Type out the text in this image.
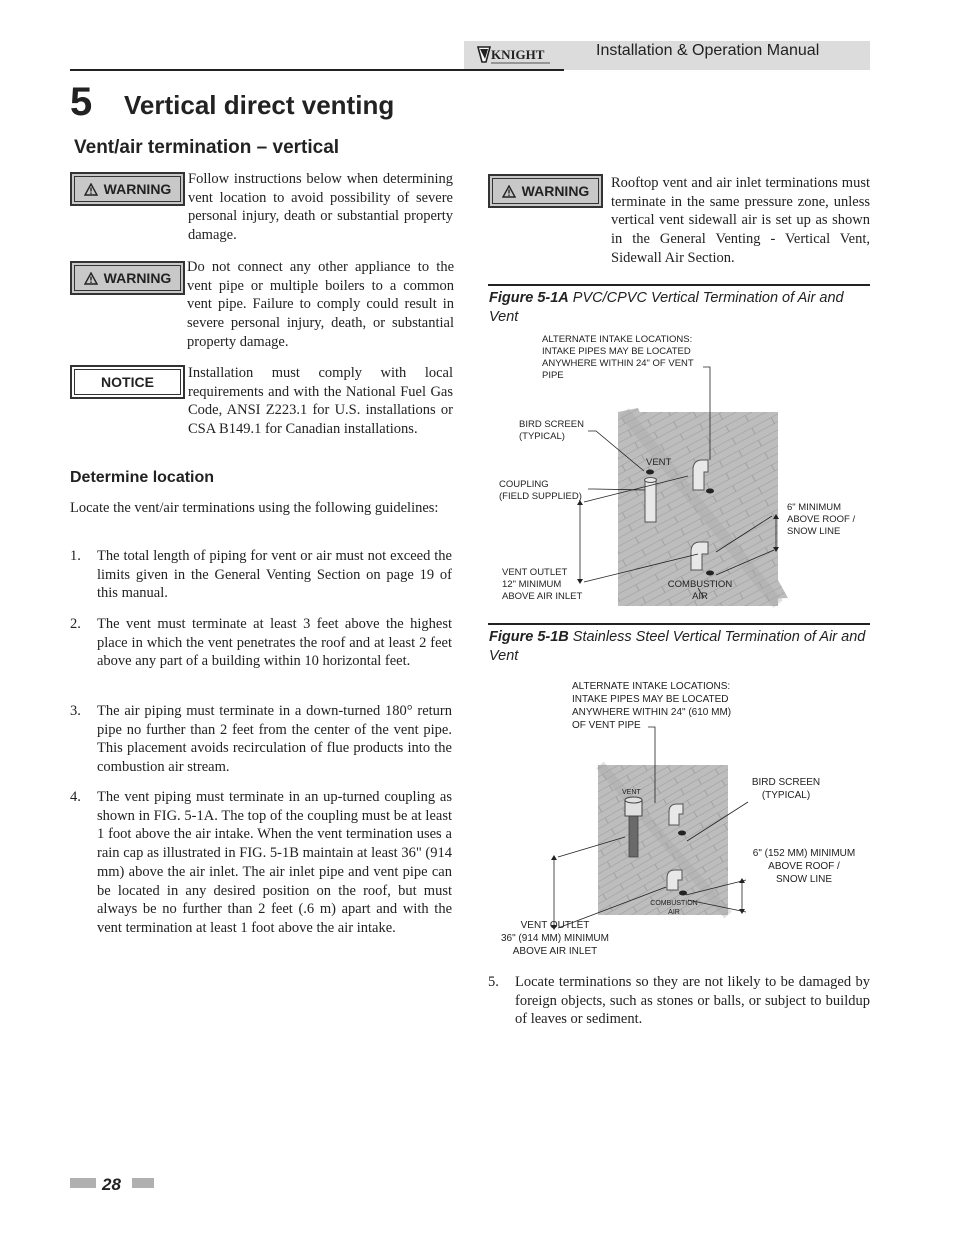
KNIGHT	Installation & Operation Manual
5 Vertical direct venting
Vent/air termination – vertical
WARNING
Follow instructions below when determining vent location to avoid possibility of severe personal injury, death or substantial property damage.
WARNING
Do not connect any other appliance to the vent pipe or multiple boilers to a common vent pipe. Failure to comply could result in severe personal injury, death, or substantial property damage.
NOTICE
Installation must comply with local requirements and with the National Fuel Gas Code, ANSI Z223.1 for U.S. installations or CSA B149.1 for Canadian installations.
Determine location
Locate the vent/air terminations using the following guidelines:
1. The total length of piping for vent or air must not exceed the limits given in the General Venting Section on page 19 of this manual.
2. The vent must terminate at least 3 feet above the highest place in which the vent penetrates the roof and at least 2 feet above any part of a building within 10 horizontal feet.
3. The air piping must terminate in a down-turned 180° return pipe no further than 2 feet from the center of the vent pipe. This placement avoids recirculation of flue products into the combustion air stream.
4. The vent piping must terminate in an up-turned coupling as shown in FIG. 5-1A. The top of the coupling must be at least 1 foot above the air intake. When the vent termination uses a rain cap as illustrated in FIG. 5-1B maintain at least 36" (914 mm) above the air inlet. The air inlet pipe and vent pipe can be located in any desired position on the roof, but must always be no further than 2 feet (.6 m) apart and with the vent termination at least 1 foot above the air intake.
WARNING Rooftop vent and air inlet terminations must terminate in the same pressure zone, unless vertical vent sidewall air is set up as shown in the General Venting - Vertical Vent, Sidewall Air Section.
Figure 5-1A PVC/CPVC Vertical Termination of Air and Vent
ALTERNATE INTAKE LOCATIONS:
INTAKE PIPES MAY BE LOCATED
ANYWHERE WITHIN 24" OF VENT
PIPE
BIRD SCREEN
(TYPICAL)
VENT
COUPLING
(FIELD SUPPLIED)
6" MINIMUM
ABOVE ROOF /
SNOW LINE
VENT OUTLET
12" MINIMUM
ABOVE AIR INLET
COMBUSTION
AIR
Figure 5-1B Stainless Steel Vertical Termination of Air and Vent
ALTERNATE INTAKE LOCATIONS:
INTAKE PIPES MAY BE LOCATED
ANYWHERE WITHIN 24" (610 MM)
OF VENT PIPE
BIRD SCREEN
(TYPICAL)
VENT
6" (152 MM) MINIMUM
ABOVE ROOF /
SNOW LINE
COMBUSTION
AIR
VENT OUTLET
36" (914 MM) MINIMUM
ABOVE AIR INLET
5. Locate terminations so they are not likely to be damaged by foreign objects, such as stones or balls, or subject to buildup of leaves or sediment.
28
